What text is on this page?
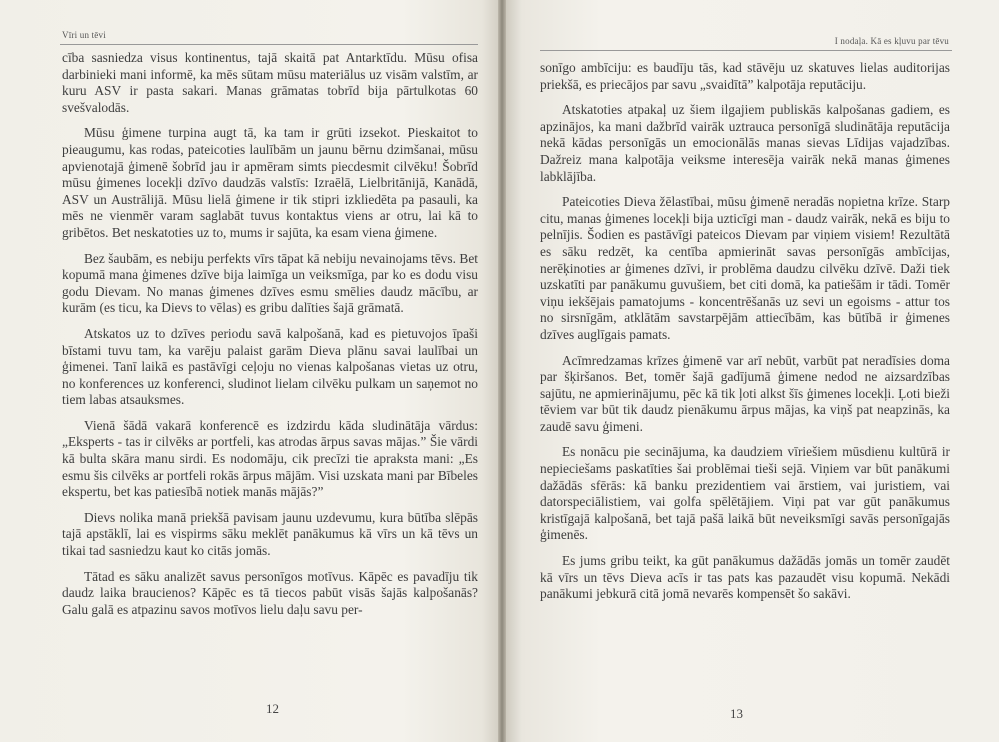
Vīri un tēvi

cība sasniedza visus kontinentus, tajā skaitā pat Antarktīdu. Mūsu ofisa darbinieki mani informē, ka mēs sūtam mūsu materiālus uz visām valstīm, ar kuru ASV ir pasta sakari. Manas grāmatas tobrīd bija pārtulkotas 60 svešvalodās.

Mūsu ģimene turpina augt tā, ka tam ir grūti izsekot. Pieskaitot to pieaugumu, kas rodas, pateicoties laulībām un jaunu bērnu dzimšanai, mūsu apvienotajā ģimenē šobrīd jau ir apmēram simts piecdesmit cilvēku! Šobrīd mūsu ģimenes locekļi dzīvo daudzās valstīs: Izraēlā, Lielbritānijā, Kanādā, ASV un Austrālijā. Mūsu lielā ģimene ir tik stipri izkliedēta pa pasauli, ka mēs ne vienmēr varam saglabāt tuvus kontaktus viens ar otru, lai kā to gribētos. Bet neskatoties uz to, mums ir sajūta, ka esam viena ģimene.

Bez šaubām, es nebiju perfekts vīrs tāpat kā nebiju nevainojams tēvs. Bet kopumā mana ģimenes dzīve bija laimīga un veiksmīga, par ko es dodu visu godu Dievam. No manas ģimenes dzīves esmu smēlies daudz mācību, ar kurām (es ticu, ka Dievs to vēlas) es gribu dalīties šajā grāmatā.

Atskatos uz to dzīves periodu savā kalpošanā, kad es pietuvojos īpaši bīstami tuvu tam, ka varēju palaist garām Dieva plānu savai laulībai un ģimenei. Tanī laikā es pastāvīgi ceļoju no vienas kalpošanas vietas uz otru, no konferences uz konferenci, sludinot lielam cilvēku pulkam un saņemot no tiem labas atsauksmes.

Vienā šādā vakarā konferencē es izdzirdu kāda sludinātāja vārdus: „Eksperts - tas ir cilvēks ar portfeli, kas atrodas ārpus savas mājas.” Šie vārdi kā bulta skāra manu sirdi. Es nodomāju, cik precīzi tie apraksta mani: „Es esmu šis cilvēks ar portfeli rokās ārpus mājām. Visi uzskata mani par Bībeles ekspertu, bet kas patiesībā notiek manās mājās?”

Dievs nolika manā priekšā pavisam jaunu uzdevumu, kura būtība slēpās tajā apstāklī, lai es vispirms sāku meklēt panākumus kā vīrs un kā tēvs un tikai tad sasniedzu kaut ko citās jomās.

Tātad es sāku analizēt savus personīgos motīvus. Kāpēc es pavadīju tik daudz laika braucienos? Kāpēc es tā tiecos pabūt visās šajās kalpošanās? Galu galā es atpazinu savos motīvos lielu daļu savu per-

12
I nodaļa. Kā es kļuvu par tēvu

sonīgo ambīciju: es baudīju tās, kad stāvēju uz skatuves lielas auditorijas priekšā, es priecājos par savu „svaidītā” kalpotāja reputāciju.

Atskatoties atpakaļ uz šiem ilgajiem publiskās kalpošanas gadiem, es apzinājos, ka mani dažbrīd vairāk uztrauca personīgā sludinātāja reputācija nekā kādas personīgās un emocionālās manas sievas Līdijas vajadzības. Dažreiz mana kalpotāja veiksme interesēja vairāk nekā manas ģimenes labklājība.

Pateicoties Dieva žēlastībai, mūsu ģimenē neradās nopietna krīze. Starp citu, manas ģimenes locekļi bija uzticīgi man - daudz vairāk, nekā es biju to pelnījis. Šodien es pastāvīgi pateicos Dievam par viņiem visiem! Rezultātā es sāku redzēt, ka centība apmierināt savas personīgās ambīcijas, nerēķinoties ar ģimenes dzīvi, ir problēma daudzu cilvēku dzīvē. Daži tiek uzskatīti par panākumu guvušiem, bet citi domā, ka patiešām ir tādi. Tomēr viņu iekšējais pamatojums - koncentrēšanās uz sevi un egoisms - attur tos no sirsnīgām, atklātām savstarpējām attiecībām, kas būtībā ir ģimenes dzīves auglīgais pamats.

Acīmredzamas krīzes ģimenē var arī nebūt, varbūt pat neradīsies doma par šķiršanos. Bet, tomēr šajā gadījumā ģimene nedod ne aizsardzības sajūtu, ne apmierinājumu, pēc kā tik ļoti alkst šīs ģimenes locekļi. Ļoti bieži tēviem var būt tik daudz pienākumu ārpus mājas, ka viņš pat neapzinās, ka zaudē savu ģimeni.

Es nonācu pie secinājuma, ka daudziem vīriešiem mūsdienu kultūrā ir nepieciešams paskatīties šai problēmai tieši sejā. Viņiem var būt panākumi dažādās sfērās: kā banku prezidentiem vai ārstiem, vai juristiem, vai datorspeciālistiem, vai golfa spēlētājiem. Viņi pat var gūt panākumus kristīgajā kalpošanā, bet tajā pašā laikā būt neveiksmīgi savās personīgajās ģimenēs.

Es jums gribu teikt, ka gūt panākumus dažādās jomās un tomēr zaudēt kā vīrs un tēvs Dieva acīs ir tas pats kas pazaudēt visu kopumā. Nekādi panākumi jebkurā citā jomā nevarēs kompensēt šo sakāvi.

13
